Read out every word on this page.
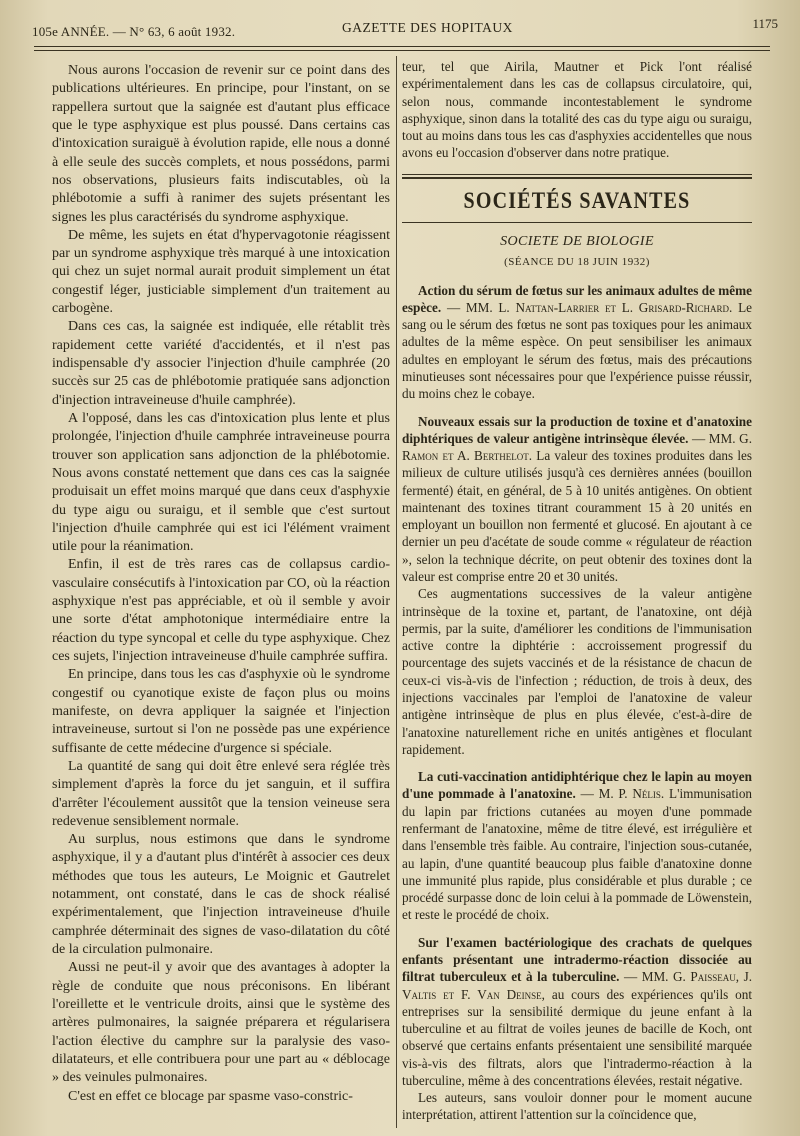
105e ANNÉE. — N° 63, 6 août 1932.	GAZETTE DES HOPITAUX	1175

Nous aurons l'occasion de revenir sur ce point dans des publications ultérieures. En principe, pour l'instant, on se rappellera surtout que la saignée est d'autant plus efficace que le type asphyxique est plus poussé. Dans certains cas d'intoxication suraiguë à évolution rapide, elle nous a donné à elle seule des succès complets, et nous possédons, parmi nos observations, plusieurs faits indiscutables, où la phlébotomie a suffi à ranimer des sujets présentant les signes les plus caractérisés du syndrome asphyxique.

De même, les sujets en état d'hypervagotonie réagissent par un syndrome asphyxique très marqué à une intoxication qui chez un sujet normal aurait produit simplement un état congestif léger, justiciable simplement d'un traitement au carbogène.

Dans ces cas, la saignée est indiquée, elle rétablit très rapidement cette variété d'accidentés, et il n'est pas indispensable d'y associer l'injection d'huile camphrée (20 succès sur 25 cas de phlébotomie pratiquée sans adjonction d'injection intraveineuse d'huile camphrée).

A l'opposé, dans les cas d'intoxication plus lente et plus prolongée, l'injection d'huile camphrée intraveineuse pourra trouver son application sans adjonction de la phlébotomie. Nous avons constaté nettement que dans ces cas la saignée produisait un effet moins marqué que dans ceux d'asphyxie du type aigu ou suraigu, et il semble que c'est surtout l'injection d'huile camphrée qui est ici l'élément vraiment utile pour la réanimation.

Enfin, il est de très rares cas de collapsus cardio-vasculaire consécutifs à l'intoxication par CO, où la réaction asphyxique n'est pas appréciable, et où il semble y avoir une sorte d'état amphotonique intermédiaire entre la réaction du type syncopal et celle du type asphyxique. Chez ces sujets, l'injection intraveineuse d'huile camphrée suffira.

En principe, dans tous les cas d'asphyxie où le syndrome congestif ou cyanotique existe de façon plus ou moins manifeste, on devra appliquer la saignée et l'injection intraveineuse, surtout si l'on ne possède pas une expérience suffisante de cette médecine d'urgence si spéciale.

La quantité de sang qui doit être enlevé sera réglée très simplement d'après la force du jet sanguin, et il suffira d'arrêter l'écoulement aussitôt que la tension veineuse sera redevenue sensiblement normale.

Au surplus, nous estimons que dans le syndrome asphyxique, il y a d'autant plus d'intérêt à associer ces deux méthodes que tous les auteurs, Le Moignic et Gautrelet notamment, ont constaté, dans le cas de shock réalisé expérimentalement, que l'injection intraveineuse d'huile camphrée déterminait des signes de vaso-dilatation du côté de la circulation pulmonaire.

Aussi ne peut-il y avoir que des avantages à adopter la règle de conduite que nous préconisons. En libérant l'oreillette et le ventricule droits, ainsi que le système des artères pulmonaires, la saignée préparera et régularisera l'action élective du camphre sur la paralysie des vaso-dilatateurs, et elle contribuera pour une part au « déblocage » des veinules pulmonaires.

C'est en effet ce blocage par spasme vaso-constric-

teur, tel que Airila, Mautner et Pick l'ont réalisé expérimentalement dans les cas de collapsus circulatoire, qui, selon nous, commande incontestablement le syndrome asphyxique, sinon dans la totalité des cas du type aigu ou suraigu, tout au moins dans tous les cas d'asphyxies accidentelles que nous avons eu l'occasion d'observer dans notre pratique.

SOCIÉTÉS SAVANTES
SOCIETE DE BIOLOGIE
(SÉANCE DU 18 JUIN 1932)

Action du sérum de fœtus sur les animaux adultes de même espèce. — MM. L. Nattan-Larrier et L. Grisard-Richard. Le sang ou le sérum des fœtus ne sont pas toxiques pour les animaux adultes de la même espèce. On peut sensibiliser les animaux adultes en employant le sérum des fœtus, mais des précautions minutieuses sont nécessaires pour que l'expérience puisse réussir, du moins chez le cobaye.

Nouveaux essais sur la production de toxine et d'anatoxine diphtériques de valeur antigène intrinsèque élevée. — MM. G. Ramon et A. Berthelot. La valeur des toxines produites dans les milieux de culture utilisés jusqu'à ces dernières années (bouillon fermenté) était, en général, de 5 à 10 unités antigènes. On obtient maintenant des toxines titrant couramment 15 à 20 unités en employant un bouillon non fermenté et glucosé. En ajoutant à ce dernier un peu d'acétate de soude comme « régulateur de réaction », selon la technique décrite, on peut obtenir des toxines dont la valeur est comprise entre 20 et 30 unités.

Ces augmentations successives de la valeur antigène intrinsèque de la toxine et, partant, de l'anatoxine, ont déjà permis, par la suite, d'améliorer les conditions de l'immunisation active contre la diphtérie : accroissement progressif du pourcentage des sujets vaccinés et de la résistance de chacun de ceux-ci vis-à-vis de l'infection ; réduction, de trois à deux, des injections vaccinales par l'emploi de l'anatoxine de valeur antigène intrinsèque de plus en plus élevée, c'est-à-dire de l'anatoxine naturellement riche en unités antigènes et floculant rapidement.

La cuti-vaccination antidiphtérique chez le lapin au moyen d'une pommade à l'anatoxine. — M. P. Nélis. L'immunisation du lapin par frictions cutanées au moyen d'une pommade renfermant de l'anatoxine, même de titre élevé, est irrégulière et dans l'ensemble très faible. Au contraire, l'injection sous-cutanée, au lapin, d'une quantité beaucoup plus faible d'anatoxine donne une immunité plus rapide, plus considérable et plus durable ; ce procédé surpasse donc de loin celui à la pommade de Löwenstein, et reste le procédé de choix.

Sur l'examen bactériologique des crachats de quelques enfants présentant une intradermo-réaction dissociée au filtrat tuberculeux et à la tuberculine. — MM. G. Paisseau, J. Valtis et F. Van Deinse, au cours des expériences qu'ils ont entreprises sur la sensibilité dermique du jeune enfant à la tuberculine et au filtrat de voiles jeunes de bacille de Koch, ont observé que certains enfants présentaient une sensibilité marquée vis-à-vis des filtrats, alors que l'intradermo-réaction à la tuberculine, même à des concentrations élevées, restait négative.

Les auteurs, sans vouloir donner pour le moment aucune interprétation, attirent l'attention sur la coïncidence que,
